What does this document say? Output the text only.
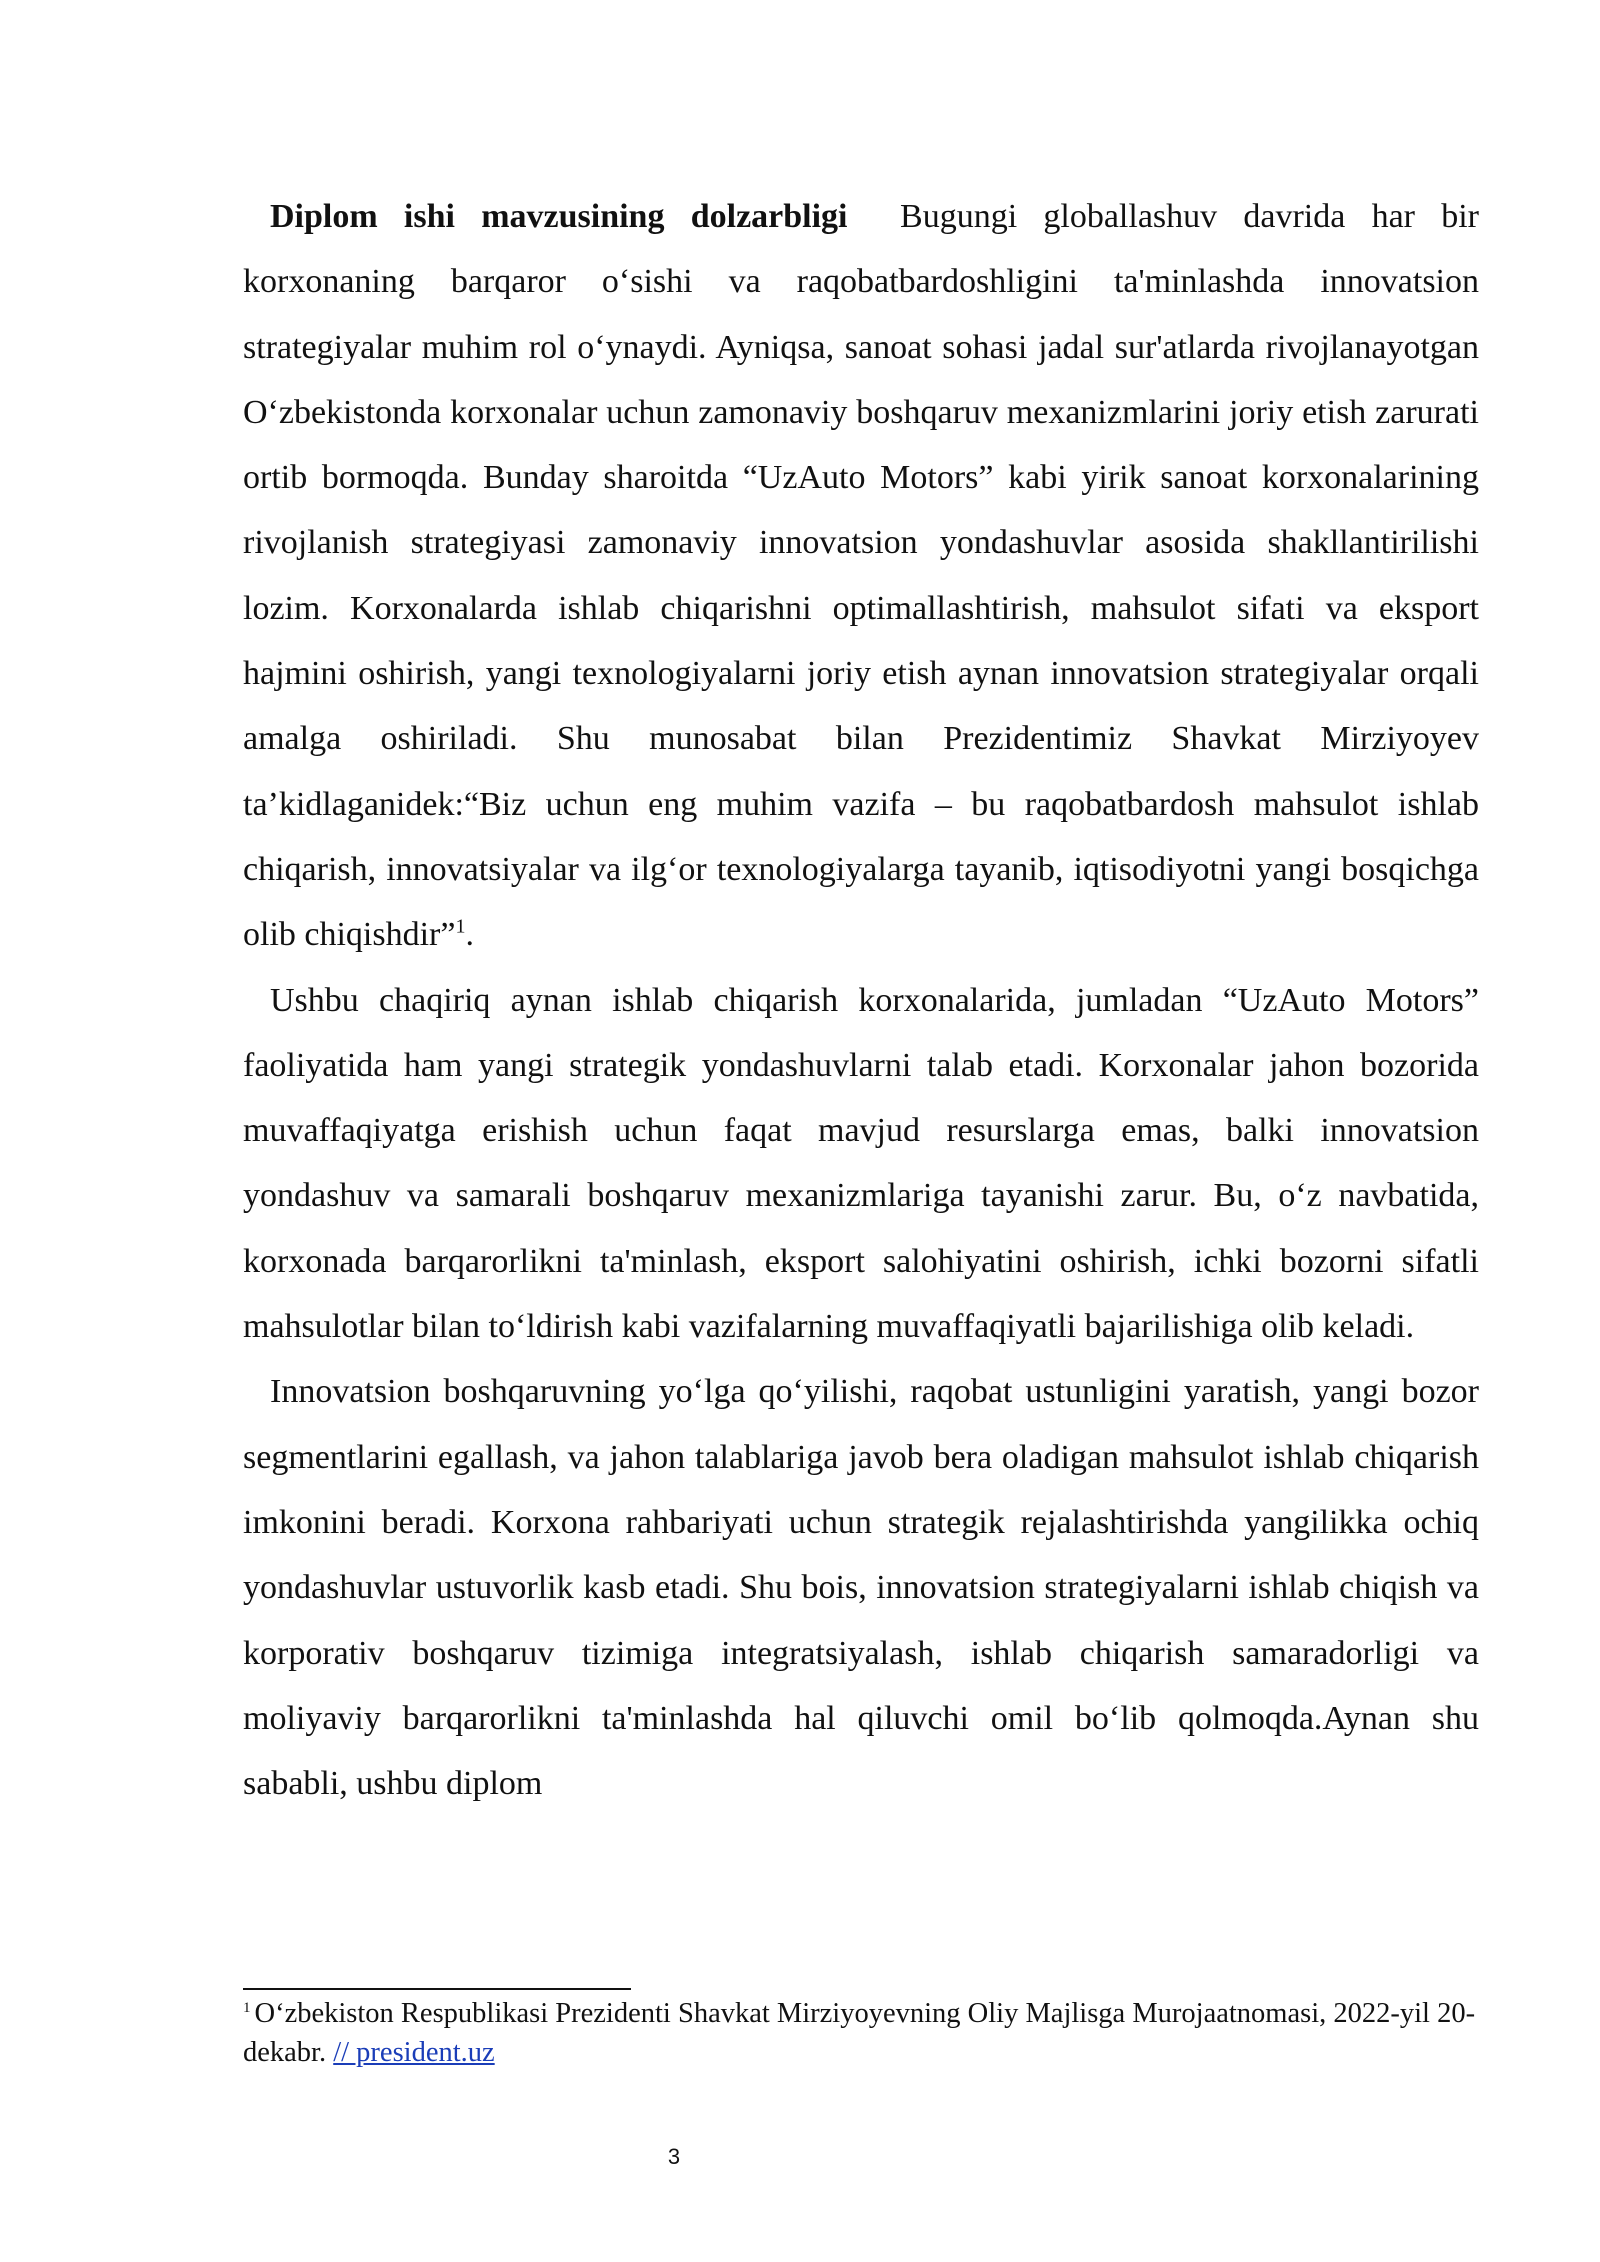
Diplom ishi mavzusining dolzarbligi Bugungi globallashuv davrida har bir korxonaning barqaror oʻsishi va raqobatbardoshligini ta'minlashda innovatsion strategiyalar muhim rol oʻynaydi. Ayniqsa, sanoat sohasi jadal sur'atlarda rivojlanayotgan Oʻzbekistonda korxonalar uchun zamonaviy boshqaruv mexanizmlarini joriy etish zarurati ortib bormoqda. Bunday sharoitda “UzAuto Motors” kabi yirik sanoat korxonalarining rivojlanish strategiyasi zamonaviy innovatsion yondashuvlar asosida shakllantirilishi lozim. Korxonalarda ishlab chiqarishni optimallashtirish, mahsulot sifati va eksport hajmini oshirish, yangi texnologiyalarni joriy etish aynan innovatsion strategiyalar orqali amalga oshiriladi. Shu munosabat bilan Prezidentimiz Shavkat Mirziyoyev ta’kidlaganidek:“Biz uchun eng muhim vazifa – bu raqobatbardosh mahsulot ishlab chiqarish, innovatsiyalar va ilgʻor texnologiyalarga tayanib, iqtisodiyotni yangi bosqichga olib chiqishdir”$^1$.

Ushbu chaqiriq aynan ishlab chiqarish korxonalarida, jumladan “UzAuto Motors” faoliyatida ham yangi strategik yondashuvlarni talab etadi. Korxonalar jahon bozorida muvaffaqiyatga erishish uchun faqat mavjud resurslarga emas, balki innovatsion yondashuv va samarali boshqaruv mexanizmlariga tayanishi zarur. Bu, oʻz navbatida, korxonada barqarorlikni ta'minlash, eksport salohiyatini oshirish, ichki bozorni sifatli mahsulotlar bilan toʻldirish kabi vazifalarning muvaffaqiyatli bajarilishiga olib keladi.

Innovatsion boshqaruvning yoʻlga qoʻyilishi, raqobat ustunligini yaratish, yangi bozor segmentlarini egallash, va jahon talablariga javob bera oladigan mahsulot ishlab chiqarish imkonini beradi. Korxona rahbariyati uchun strategik rejalashtirishda yangilikka ochiq yondashuvlar ustuvorlik kasb etadi. Shu bois, innovatsion strategiyalarni ishlab chiqish va korporativ boshqaruv tizimiga integratsiyalash, ishlab chiqarish samaradorligi va moliyaviy barqarorlikni ta'minlashda hal qiluvchi omil boʻlib qolmoqda.Aynan shu sababli, ushbu diplom

$^1$ Oʻzbekiston Respublikasi Prezidenti Shavkat Mirziyoyevning Oliy Majlisga Murojaatnomasi, 2022-yil 20-dekabr. // president.uz
3
